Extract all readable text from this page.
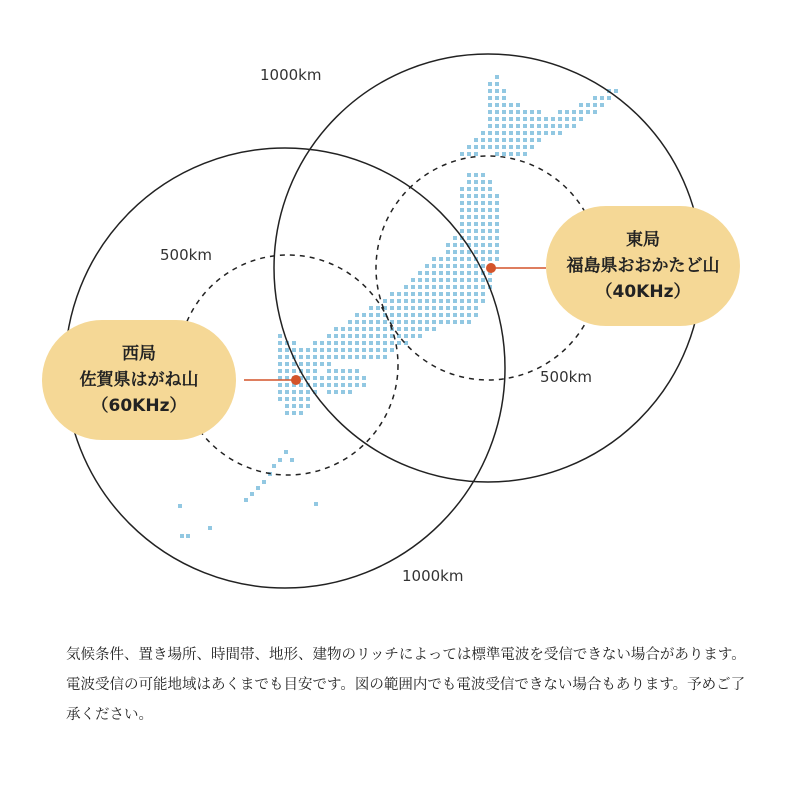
1000km
1000km
500km
500km
西局
佐賀県はがね山
（60KHz）
東局
福島県おおかたど山
（40KHz）

気候条件、置き場所、時間帯、地形、建物のリッチによっては標準電波を受信できない場合があります。

電波受信の可能地域はあくまでも目安です。図の範囲内でも電波受信できない場合もあります。予めご了承ください。
